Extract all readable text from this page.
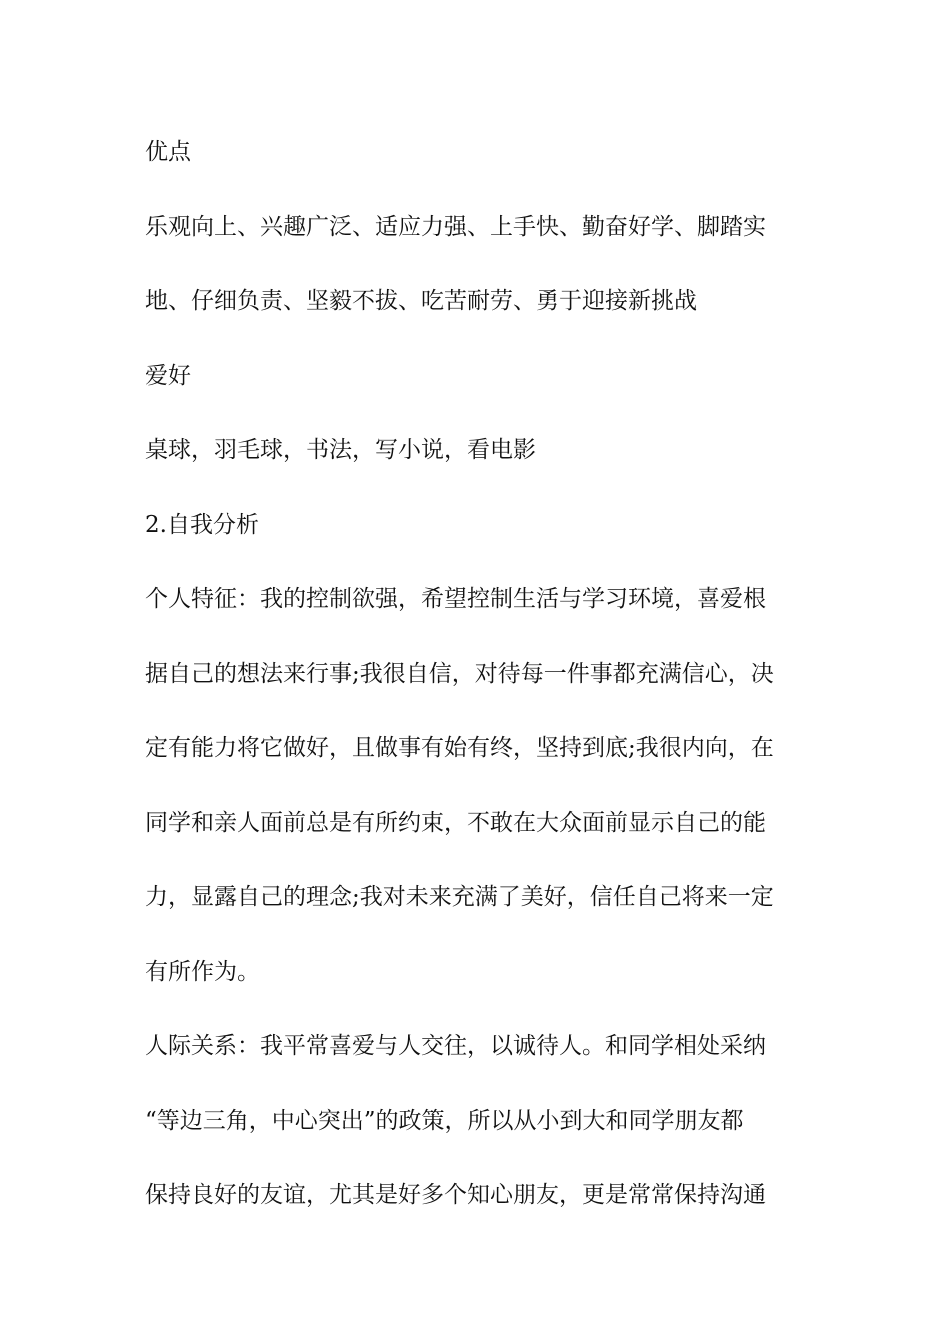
优点
乐观向上、兴趣广泛、适应力强、上手快、勤奋好学、脚踏实
地、仔细负责、坚毅不拔、吃苦耐劳、勇于迎接新挑战
爱好
桌球，羽毛球，书法，写小说，看电影
2.自我分析
个人特征：我的控制欲强，希望控制生活与学习环境，喜爱根
据自己的想法来行事;我很自信，对待每一件事都充满信心，决
定有能力将它做好，且做事有始有终，坚持到底;我很内向，在
同学和亲人面前总是有所约束，不敢在大众面前显示自己的能
力，显露自己的理念;我对未来充满了美好，信任自己将来一定
有所作为。
人际关系：我平常喜爱与人交往，以诚待人。和同学相处采纳
“等边三角，中心突出”的政策，所以从小到大和同学朋友都
保持良好的友谊，尤其是好多个知心朋友，更是常常保持沟通
